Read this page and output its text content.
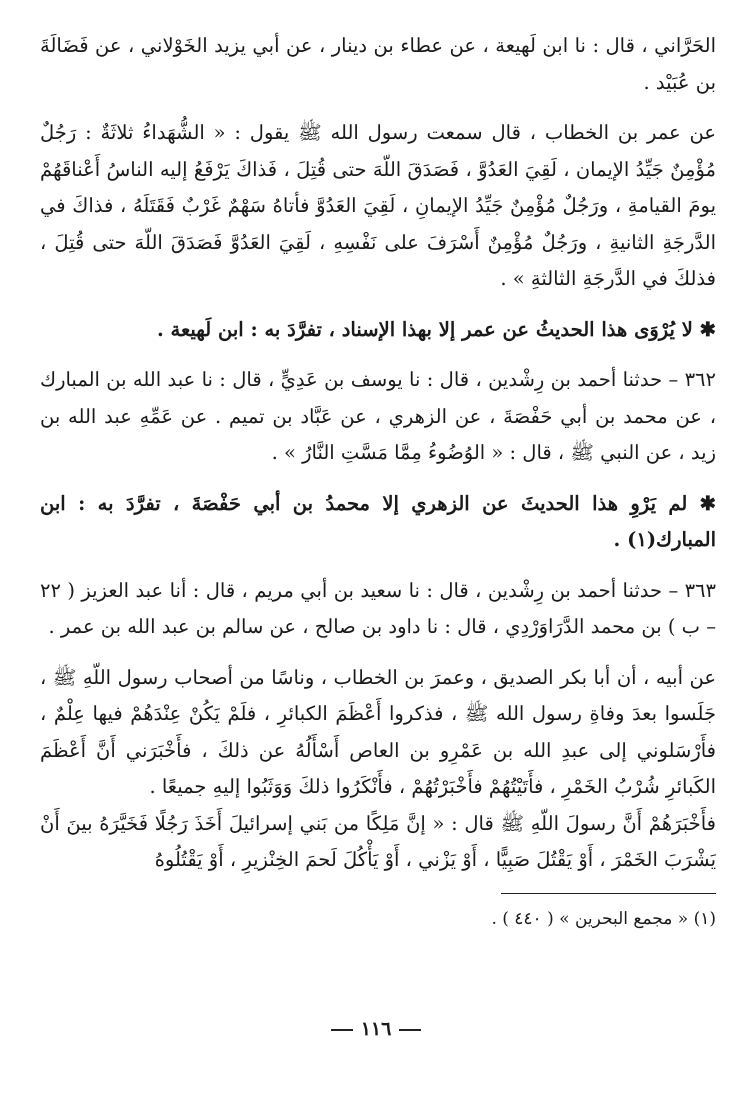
الحَرَّاني ، قال : نا ابن لَهيعة ، عن عطاء بن دينار ، عن أبي يزيد الخَوْلاني ، عن فَضَالَةَ بن عُبَيْد .

عن عمر بن الخطاب ، قال سمعت رسول الله ﷺ يقول : « الشُّهَداءُ ثلاثَةٌ : رَجُلٌ مُؤْمِنٌ جَيِّدُ الإيمان ، لَقِيَ العَدُوَّ ، فَصَدَقَ اللّهَ حتى قُتِلَ ، فَذاكَ يَرْفَعُ إليه الناسُ أَعْناقَهُمْ يومَ القيامةِ ، ورَجُلٌ مُؤْمِنٌ جَيِّدُ الإيمانِ ، لَقِيَ العَدُوَّ فأتاهُ سَهْمٌ غَرْبٌ فَقَتَلَهُ ، فذاكَ في الدَّرجَةِ الثانيةِ ، ورَجُلٌ مُؤْمِنٌ أَسْرَفَ على نَفْسِهِ ، لَقِيَ العَدُوَّ فَصَدَقَ اللّهَ حتى قُتِلَ ، فذلكَ في الدَّرجَةِ الثالثةِ » .

✱ لا يُرْوَى هذا الحديثُ عن عمر إلا بهذا الإسناد ، تفرَّدَ به : ابن لَهيعة .

٣٦٢ – حدثنا أحمد بن رِشْدين ، قال : نا يوسف بن عَدِيٍّ ، قال : نا عبد الله بن المبارك ، عن محمد بن أبي حَفْصَةَ ، عن الزهري ، عن عَبَّاد بن تميم . عن عَمِّهِ عبد الله بن زيد ، عن النبي ﷺ ، قال : « الوُضُوءُ مِمَّا مَسَّتِ النَّارُ » .

✱ لم يَرْوِ هذا الحديثَ عن الزهري إلا محمدُ بن أبي حَفْصَةَ ، تفرَّدَ به : ابن المبارك(١) .

٣٦٣ – حدثنا أحمد بن رِشْدين ، قال : نا سعيد بن أبي مريم ، قال : أنا عبد العزيز ( ٢٢ – ب ) بن محمد الدَّرَاوَرْدِي ، قال : نا داود بن صالح ، عن سالم بن عبد الله بن عمر .

عن أبيه ، أن أبا بكر الصديق ، وعمرَ بن الخطاب ، وناسًا من أصحاب رسول اللّهِ ﷺ ، جَلَسوا بعدَ وفاةِ رسول الله ﷺ ، فذكروا أَعْظَمَ الكبائرِ ، فلَمْ يَكُنْ عِنْدَهُمْ فيها عِلْمٌ ، فأَرْسَلوني إلى عبدِ الله بن عَمْرِو بن العاص أَسْأَلُهُ عن ذلكَ ، فأَخْبَرَني أَنَّ أَعْظَمَ الكَبائرِ شُرْبُ الخَمْرِ ، فأَتَيْتُهُمْ فأَخْبَرْتُهُمْ ، فأَنْكَرُوا ذلكَ وَوَثَبُوا إليهِ جميعًا .

فأَخْبَرَهُمْ أَنَّ رسولَ اللّهِ ﷺ قال : « إنَّ مَلِكًا من بَني إسرائيلَ أَخَذَ رَجُلًا فَخَيَّرَهُ بينَ أَنْ يَشْرَبَ الخَمْرَ ، أَوْ يَقْتُلَ صَبِيًّا ، أَوْ يَزْني ، أَوْ يَأْكُلَ لَحمَ الخِنْزيرِ ، أَوْ يَقْتُلُوهُ

(١) « مجمع البحرين » ( ٤٤٠ ) .

١١٦
